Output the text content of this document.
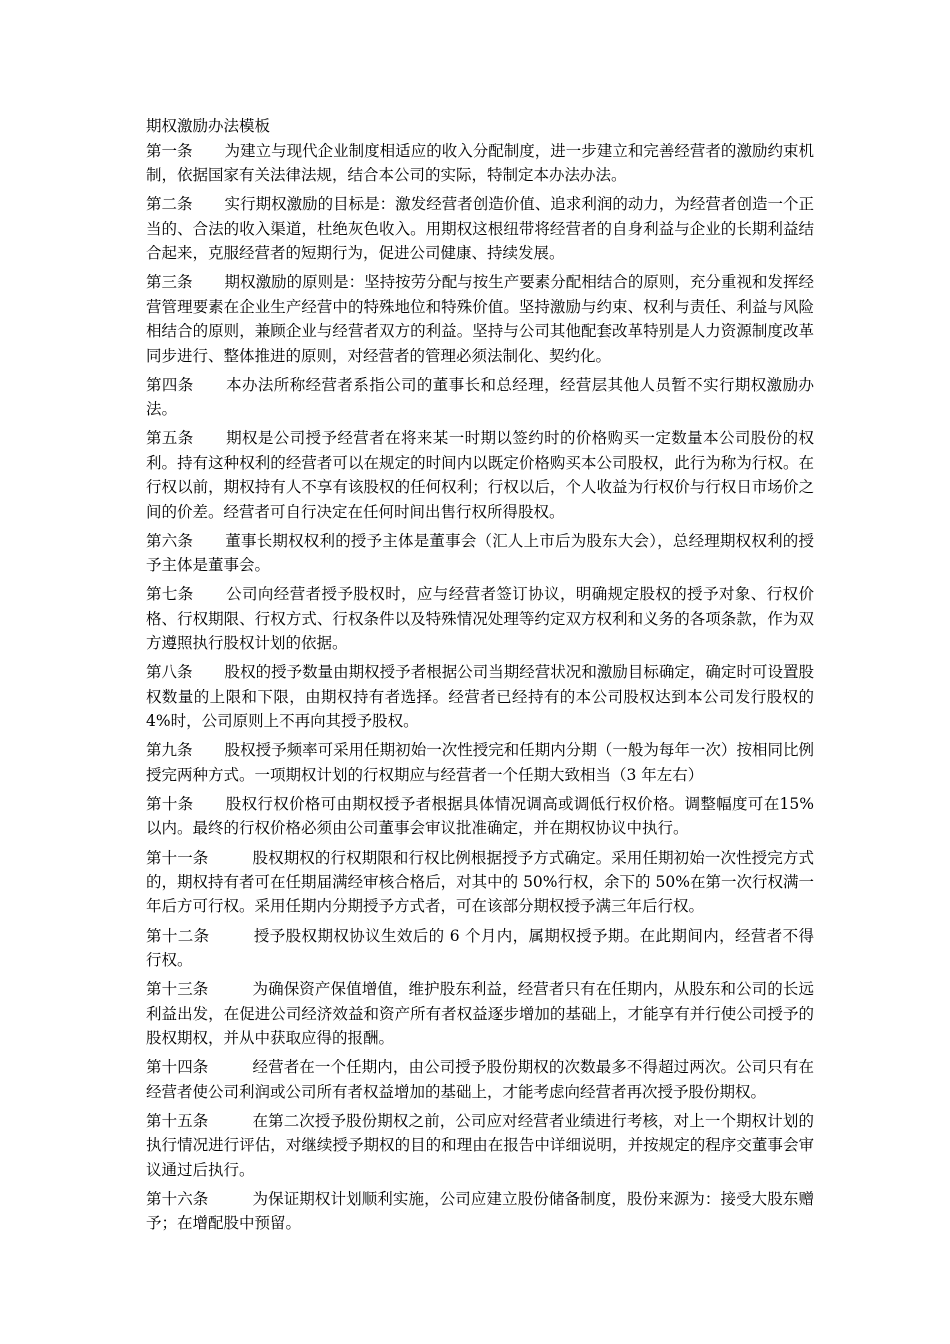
期权激励办法模板

第一条 为建立与现代企业制度相适应的收入分配制度，进一步建立和完善经营者的激励约束机制，依据国家有关法律法规，结合本公司的实际，特制定本办法办法。

第二条 实行期权激励的目标是：激发经营者创造价值、追求利润的动力，为经营者创造一个正当的、合法的收入渠道，杜绝灰色收入。用期权这根纽带将经营者的自身利益与企业的长期利益结合起来，克服经营者的短期行为，促进公司健康、持续发展。

第三条 期权激励的原则是：坚持按劳分配与按生产要素分配相结合的原则，充分重视和发挥经营管理要素在企业生产经营中的特殊地位和特殊价值。坚持激励与约束、权利与责任、利益与风险相结合的原则，兼顾企业与经营者双方的利益。坚持与公司其他配套改革特别是人力资源制度改革同步进行、整体推进的原则，对经营者的管理必须法制化、契约化。

第四条 本办法所称经营者系指公司的董事长和总经理，经营层其他人员暂不实行期权激励办法。

第五条 期权是公司授予经营者在将来某一时期以签约时的价格购买一定数量本公司股份的权利。持有这种权利的经营者可以在规定的时间内以既定价格购买本公司股权，此行为称为行权。在行权以前，期权持有人不享有该股权的任何权利；行权以后，个人收益为行权价与行权日市场价之间的价差。经营者可自行决定在任何时间出售行权所得股权。

第六条 董事长期权权利的授予主体是董事会（汇人上市后为股东大会），总经理期权权利的授予主体是董事会。

第七条 公司向经营者授予股权时，应与经营者签订协议，明确规定股权的授予对象、行权价格、行权期限、行权方式、行权条件以及特殊情况处理等约定双方权利和义务的各项条款，作为双方遵照执行股权计划的依据。

第八条 股权的授予数量由期权授予者根据公司当期经营状况和激励目标确定，确定时可设置股权数量的上限和下限，由期权持有者选择。经营者已经持有的本公司股权达到本公司发行股权的 4%时，公司原则上不再向其授予股权。

第九条 股权授予频率可采用任期初始一次性授完和任期内分期（一般为每年一次）按相同比例授完两种方式。一项期权计划的行权期应与经营者一个任期大致相当（3 年左右）

第十条 股权行权价格可由期权授予者根据具体情况调高或调低行权价格。调整幅度可在15%以内。最终的行权价格必须由公司董事会审议批准确定，并在期权协议中执行。

第十一条	股权期权的行权期限和行权比例根据授予方式确定。采用任期初始一次性授完方式的，期权持有者可在任期届满经审核合格后，对其中的 50%行权，余下的 50%在第一次行权满一年后方可行权。采用任期内分期授予方式者，可在该部分期权授予满三年后行权。

第十二条	授予股权期权协议生效后的 6 个月内，属期权授予期。在此期间内，经营者不得行权。

第十三条	为确保资产保值增值，维护股东利益，经营者只有在任期内，从股东和公司的长远利益出发，在促进公司经济效益和资产所有者权益逐步增加的基础上，才能享有并行使公司授予的股权期权，并从中获取应得的报酬。

第十四条	经营者在一个任期内，由公司授予股份期权的次数最多不得超过两次。公司只有在经营者使公司利润或公司所有者权益增加的基础上，才能考虑向经营者再次授予股份期权。

第十五条	在第二次授予股份期权之前，公司应对经营者业绩进行考核，对上一个期权计划的执行情况进行评估，对继续授予期权的目的和理由在报告中详细说明，并按规定的程序交董事会审议通过后执行。

第十六条	为保证期权计划顺利实施，公司应建立股份储备制度，股份来源为：接受大股东赠予；在增配股中预留。
